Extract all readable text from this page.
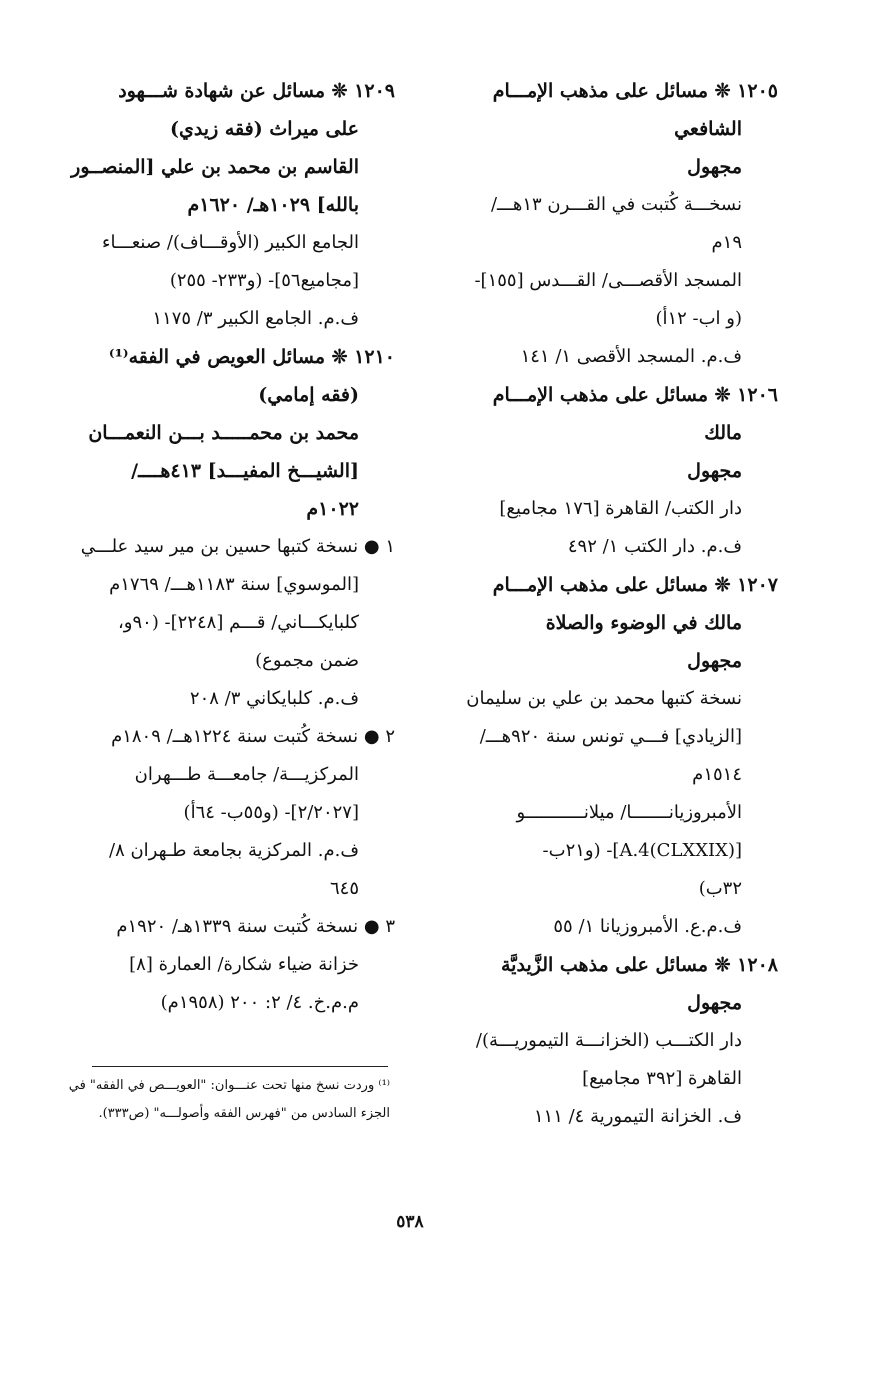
١٢٠٥ ❊ مسائل على مذهب الإمـــام
الشافعي
مجهول
نسخـــة كُتبت في القـــرن ١٣هـــ/
١٩م
المسجد الأقصـــى/ القـــدس [١٥٥]-
(و اب- ١٢أ)
ف.م. المسجد الأقصى ١/ ١٤١
١٢٠٦ ❊ مسائل على مذهب الإمـــام
مالك
مجهول
دار الكتب/ القاهرة [١٧٦ مجاميع]
ف.م. دار الكتب ١/ ٤٩٢
١٢٠٧ ❊ مسائل على مذهب الإمـــام
مالك في الوضوء والصلاة
مجهول
نسخة كتبها محمد بن علي بن سليمان
[الزيادي] فـــي تونس سنة ٩٢٠هـــ/
١٥١٤م
الأمبروزيانـــــــا/ ميلانـــــــــــو
[(CLXXIX)A.4]- (و٢١ب-
٣٢ب)
ف.م.ع. الأمبروزيانا ١/ ٥٥
١٢٠٨ ❊ مسائل على مذهب الزَّيديَّة
مجهول
دار الكتـــب (الخزانـــة التيموريـــة)/
القاهرة [٣٩٢ مجاميع]
ف. الخزانة التيمورية ٤/ ١١١
١٢٠٩ ❊ مسائل عن شهادة شـــهود
على ميراث (فقه زيدي)
القاسم بن محمد بن علي [المنصــور
بالله] ١٠٢٩هـ/ ١٦٢٠م
الجامع الكبير (الأوقـــاف)/ صنعـــاء
[مجاميع٥٦]- (و٢٣٣- ٢٥٥)
ف.م. الجامع الكبير ٣/ ١١٧٥
١٢١٠ ❊ مسائل العويص في الفقه⁽¹⁾
(فقه إمامي)
محمد بن محمـــــد بـــن النعمـــان
[الشيـــخ المفيـــد] ٤١٣هــــ/
١٠٢٢م
١ ● نسخة كتبها حسين بن مير سيد علـــي
[الموسوي] سنة ١١٨٣هـــ/ ١٧٦٩م
كلبايكـــاني/ قـــم [٢٢٤٨]- (٩٠و،
ضمن مجموع)
ف.م. كلبايكاني ٣/ ٢٠٨
٢ ● نسخة كُتبت سنة ١٢٢٤هــ/ ١٨٠٩م
المركزيـــة/ جامعـــة طـــهران
[٢/٢٠٢٧]- (و٥٥ب- ٦٤أ)
ف.م. المركزية بجامعة طـهران ٨/
٦٤٥
٣ ● نسخة كُتبت سنة ١٣٣٩هـ/ ١٩٢٠م
خزانة ضياء شكارة/ العمارة [٨]
م.م.خ. ٤/ ٢: ٢٠٠ (١٩٥٨م)
⁽¹⁾ وردت نسخ منها تحت عنـــوان: "العويـــص في الفقه" في الجزء السادس من "فهرس الفقه وأصولـــه" (ص٣٣٣).
٥٣٨
